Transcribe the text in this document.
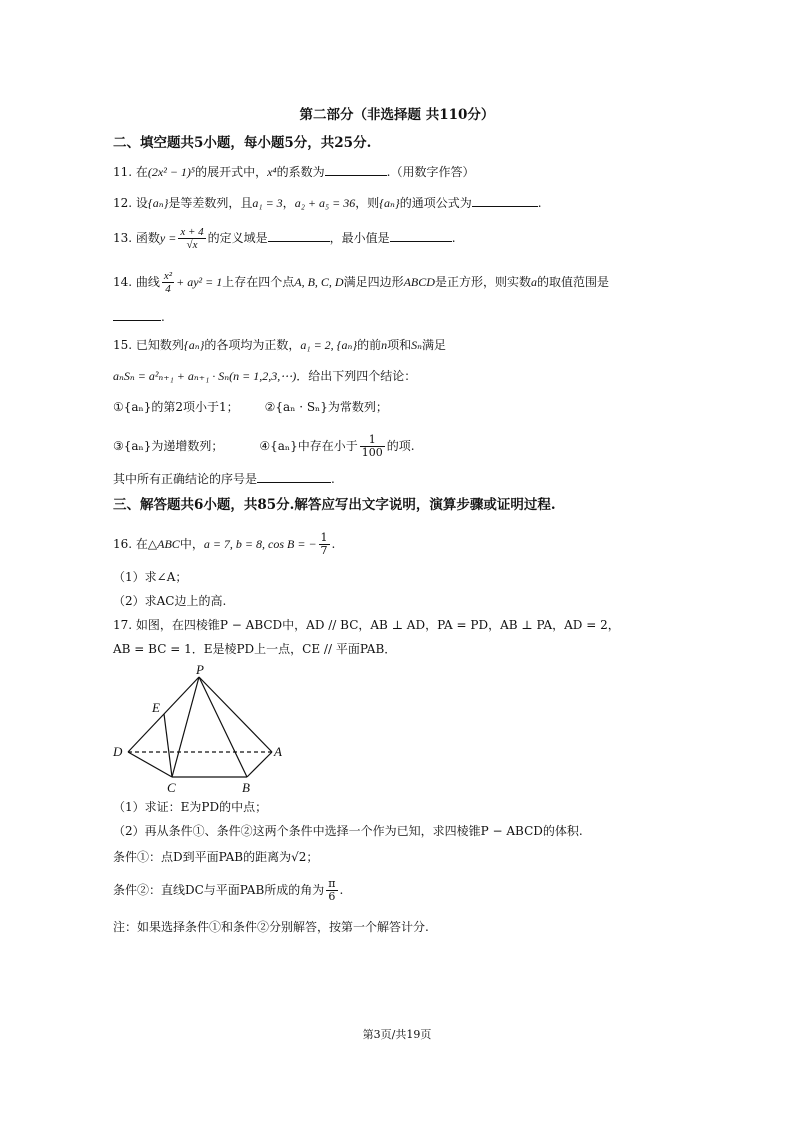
第二部分（非选择题 共110分）
二、填空题共5小题，每小题5分，共25分.
11. 在(2x² − 1)⁵的展开式中，x⁴的系数为	.（用数字作答）
12. 设{aₙ}是等差数列，且a₁ = 3，a₂ + a₅ = 36，则{aₙ}的通项公式为	.
13. 函数$y = \frac{x + 4}{√x}$ 的定义域是	，最小值是	.
14. 曲线 $\frac{\text{x²}}{4} + ay^2 = 1$上存在四个点A, B, C, D满足四边形ABCD是正方形，则实数a的取值范围是
.
15. 已知数列{aₙ}的各项均为正数，a₁ = 2, {aₙ}的前n项和Sₙ满足
aₙSₙ = a²ₙ₊₁ + aₙ₊₁ · Sₙ(n = 1,2,3,⋯)．给出下列四个结论：
①{aₙ}的第2项小于1； ②{aₙ · Sₙ}为常数列；
③{aₙ}为递增数列；	④{aₙ}中存在小于 $\frac{1}{100}$ 的项.
其中所有正确结论的序号是	.
三、解答题共6小题，共85分.解答应写出文字说明，演算步骤或证明过程.
16. 在△ABC中，a = 7, b = 8, cos B = − $\frac{1}{7}$ .
（1）求∠A；
（2）求AC边上的高.
17. 如图，在四棱锥P − ABCD中，AD // BC，AB ⊥ AD，PA = PD，AB ⊥ PA，AD = 2，
AB = BC = 1．E是棱PD上一点，CE // 平面PAB．
P
E
D	A
C	B
（1）求证：E为PD的中点；
（2）再从条件①、条件②这两个条件中选择一个作为已知，求四棱锥P − ABCD的体积.
条件①：点D到平面PAB的距离为√2；
条件②：直线DC与平面PAB所成的角为 $\frac{\pi}{6}$ .
注：如果选择条件①和条件②分别解答，按第一个解答计分.
第3页/共19页
